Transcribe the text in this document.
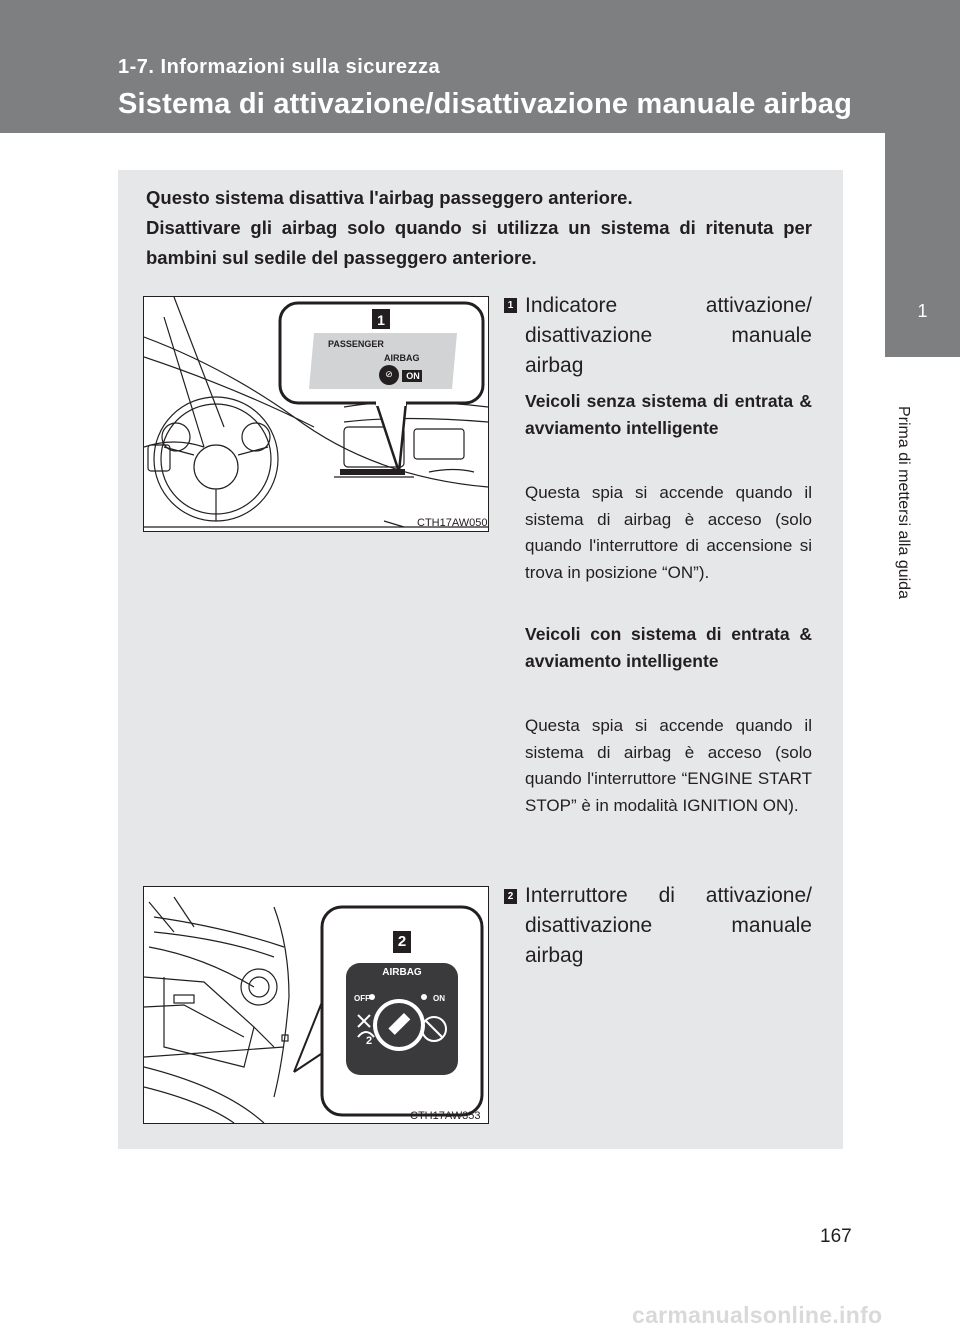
1-7. Informazioni sulla sicurezza
Sistema di attivazione/disattivazione manuale airbag
1
Prima di mettersi alla guida

Questo sistema disattiva l'airbag passeggero anteriore.

Disattivare gli airbag solo quando si utilizza un sistema di ritenuta per bambini sul sedile del passeggero anteriore.

CTH17AW050
1
PASSENGER
AIRBAG
⊘	ON
2
AIRBAG
OFF	ON
2
CTH17AW353
1 Indicatore attivazione/
disattivazione manuale
airbag
Veicoli senza sistema di entrata & avviamento intelligente
Questa spia si accende quando il sistema di airbag è acceso (solo quando l'interruttore di accensione si trova in posizione “ON”).
Veicoli con sistema di entrata & avviamento intelligente
Questa spia si accende quando il sistema di airbag è acceso (solo quando l'interruttore “ENGINE START STOP” è in modalità IGNITION ON).
2 Interruttore di attivazione/
disattivazione manuale
airbag
167
carmanualsonline.info
